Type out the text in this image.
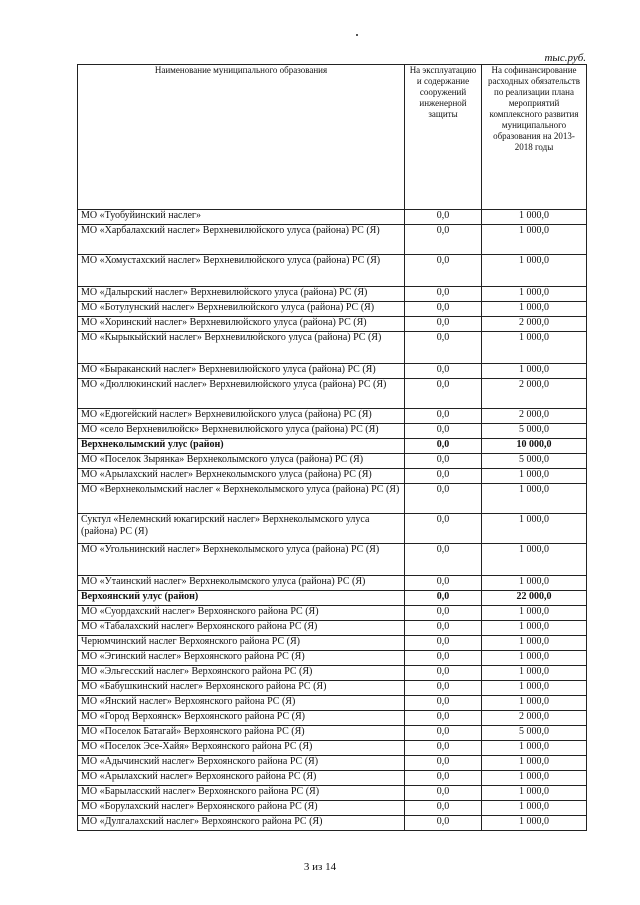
тыс.руб.
Наименование муниципального образования	На эксплуатацию и содержание сооружений инженерной защиты	На софинансирование расходных обязательств по реализации плана мероприятий комплексного развития муниципального образования на 2013-2018 годы
МО «Туобуйинский наслег»	0,0	1 000,0
МО «Харбалахский наслег» Верхневилюйского улуса (района) РС (Я)	0,0	1 000,0
МО «Хомустахский наслег» Верхневилюйского улуса (района) РС (Я)	0,0	1 000,0
МО «Далырский наслег» Верхневилюйского улуса (района) РС (Я)	0,0	1 000,0
МО «Ботулунский наслег» Верхневилюйского улуса (района) РС (Я)	0,0	1 000,0
МО «Хоринский наслег» Верхневилюйского улуса (района) РС (Я)	0,0	2 000,0
МО «Кырыкыйский наслег» Верхневилюйского улуса (района) РС (Я)	0,0	1 000,0
МО «Быраканский наслег» Верхневилюйского улуса (района) РС (Я)	0,0	1 000,0
МО «Дюллюкинский наслег» Верхневилюйского улуса (района) РС (Я)	0,0	2 000,0
МО «Едюгейский наслег» Верхневилюйского улуса (района) РС (Я)	0,0	2 000,0
МО «село Верхневилюйск» Верхневилюйского улуса (района) РС (Я)	0,0	5 000,0
Верхнеколымский улус (район)	0,0	10 000,0
МО «Поселок Зырянка» Верхнеколымского улуса (района) РС (Я)	0,0	5 000,0
МО «Арылахский наслег» Верхнеколымского улуса (района) РС (Я)	0,0	1 000,0
МО «Верхнеколымский наслег « Верхнеколымского улуса (района) РС (Я)	0,0	1 000,0
Суктул «Нелемнский юкагирский наслег» Верхнеколымского улуса (района) РС (Я)	0,0	1 000,0
МО «Угольнинский наслег» Верхнеколымского улуса (района) РС (Я)	0,0	1 000,0
МО «Утаинский наслег» Верхнеколымского улуса (района) РС (Я)	0,0	1 000,0
Верхоянский улус (район)	0,0	22 000,0
МО «Суордахский наслег» Верхоянского района РС (Я)	0,0	1 000,0
МО «Табалахский наслег» Верхоянского района РС (Я)	0,0	1 000,0
Черюмчинский наслег Верхоянского района РС (Я)	0,0	1 000,0
МО «Эгинский наслег» Верхоянского района РС (Я)	0,0	1 000,0
МО «Эльгесский наслег» Верхоянского района РС (Я)	0,0	1 000,0
МО «Бабушкинский наслег» Верхоянского района РС (Я)	0,0	1 000,0
МО «Янский наслег» Верхоянского района РС (Я)	0,0	1 000,0
МО «Город Верхоянск» Верхоянского района РС (Я)	0,0	2 000,0
МО «Поселок Батагай» Верхоянского района РС (Я)	0,0	5 000,0
МО «Поселок Эсе-Хайя» Верхоянского района РС (Я)	0,0	1 000,0
МО «Адычинский наслег» Верхоянского района РС (Я)	0,0	1 000,0
МО «Арылахский наслег» Верхоянского района РС (Я)	0,0	1 000,0
МО «Барыласский наслег» Верхоянского района РС (Я)	0,0	1 000,0
МО «Борулахский наслег» Верхоянского района РС (Я)	0,0	1 000,0
МО «Дулгалахский наслег» Верхоянского района РС (Я)	0,0	1 000,0
3 из 14
